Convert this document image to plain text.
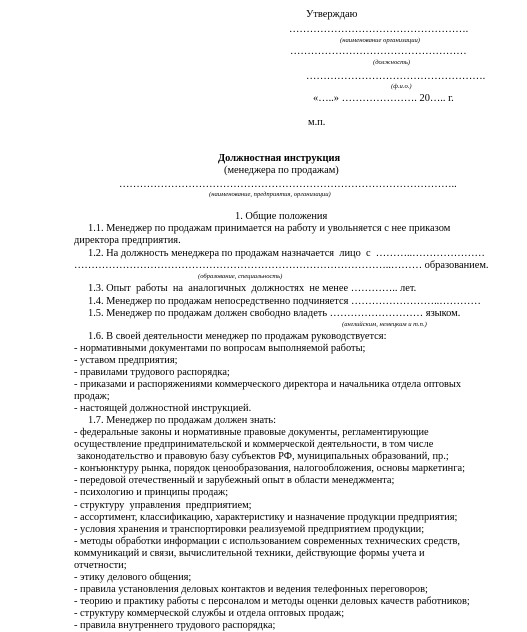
Утверждаю
…………………………………………….
(наименование организации)
……………………………………………
(должность)
…………………………………………….
(ф.и.о.)
«…..» …………………. 20….. г.
м.п.
Должностная инструкция
(менеджера по продажам)
……………………………………………………………………………………..
(наименование, предприятия, организации)
1. Общие положения
1.1. Менеджер по продажам принимается на работу и увольняется с нее приказом
директора предприятия.
1.2. На должность менеджера по продажам назначается  лицо  с  ………..…………………
………………………………………………………………………………..……… образованием.
(образование, специальность)
1.3. Опыт  работы  на  аналогичных  должностях  не менее ………….. лет.
1.4. Менеджер по продажам непосредственно подчиняется ……………………..…………
1.5. Менеджер по продажам должен свободно владеть ……………………… языком.
(английским, немецким и т.п.)
1.6. В своей деятельности менеджер по продажам руководствуется:
- нормативными документами по вопросам выполняемой работы;
- уставом предприятия;
- правилами трудового распорядка;
- приказами и распоряжениями коммерческого директора и начальника отдела оптовых
продаж;
- настоящей должностной инструкцией.
1.7. Менеджер по продажам должен знать:
- федеральные законы и нормативные правовые документы, регламентирующие
осуществление предпринимательской и коммерческой деятельности, в том числе
законодательство и правовую базу субъектов РФ, муниципальных образований, пр.;
- конъюнктуру рынка, порядок ценообразования, налогообложения, основы маркетинга;
- передовой отечественный и зарубежный опыт в области менеджмента;
- психологию и принципы продаж;
- структуру  управления  предприятием;
- ассортимент, классификацию, характеристику и назначение продукции предприятия;
- условия хранения и транспортировки реализуемой предприятием продукции;
- методы обработки информации с использованием современных технических средств,
коммуникаций и связи, вычислительной техники, действующие формы учета и
отчетности;
- этику делового общения;
- правила установления деловых контактов и ведения телефонных переговоров;
- теорию и практику работы с персоналом и методы оценки деловых качеств работников;
- структуру коммерческой службы и отдела оптовых продаж;
- правила внутреннего трудового распорядка;
